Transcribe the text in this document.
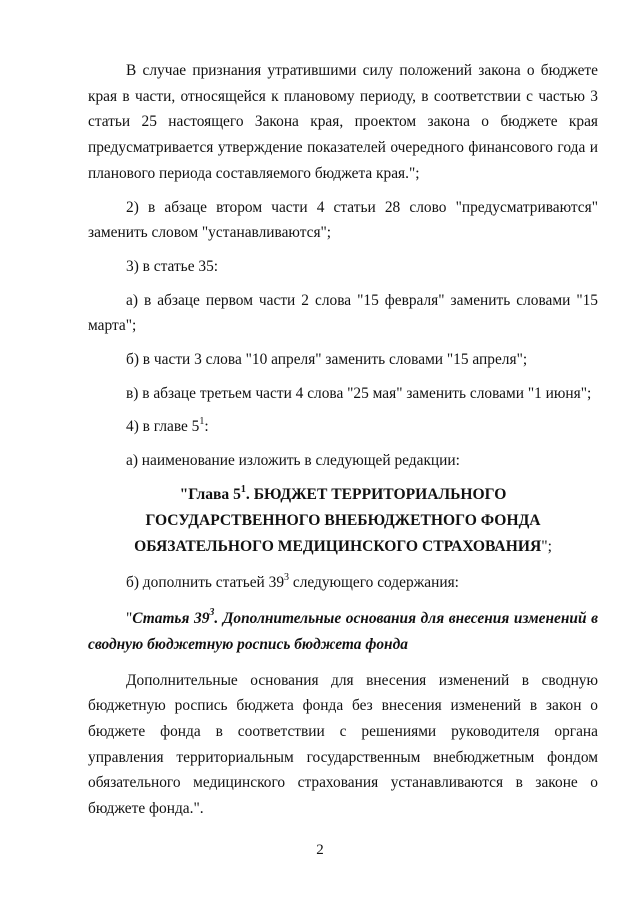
В случае признания утратившими силу положений закона о бюджете края в части, относящейся к плановому периоду, в соответствии с частью 3 статьи 25 настоящего Закона края, проектом закона о бюджете края предусматривается утверждение показателей очередного финансового года и планового периода составляемого бюджета края.";

2) в абзаце втором части 4 статьи 28 слово "предусматриваются" заменить словом "устанавливаются";

3) в статье 35:

а) в абзаце первом части 2 слова "15 февраля" заменить словами "15 марта";

б) в части 3 слова "10 апреля" заменить словами "15 апреля";

в) в абзаце третьем части 4 слова "25 мая" заменить словами "1 июня";

4) в главе $5^1$:

а) наименование изложить в следующей редакции:

"Глава $5^1$. БЮДЖЕТ ТЕРРИТОРИАЛЬНОГО

ГОСУДАРСТВЕННОГО ВНЕБЮДЖЕТНОГО ФОНДА

ОБЯЗАТЕЛЬНОГО МЕДИЦИНСКОГО СТРАХОВАНИЯ";

б) дополнить статьей $39^3$ следующего содержания:

"Статья $39^3$. Дополнительные основания для внесения изменений в сводную бюджетную роспись бюджета фонда

Дополнительные основания для внесения изменений в сводную бюджетную роспись бюджета фонда без внесения изменений в закон о бюджете фонда в соответствии с решениями руководителя органа управления территориальным государственным внебюджетным фондом обязательного медицинского страхования устанавливаются в законе о бюджете фонда.".

2
